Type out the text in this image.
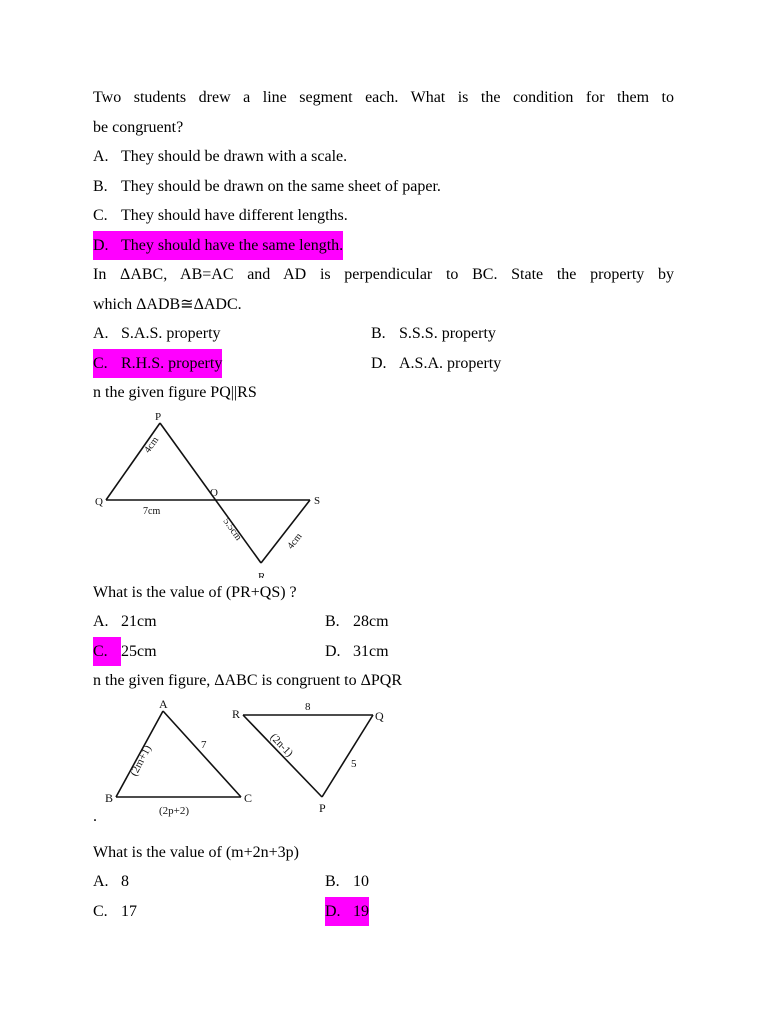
Two students drew a line segment each. What is the condition for them to
be congruent?
A. They should be drawn with a scale.
B. They should be drawn on the same sheet of paper.
C. They should have different lengths.
D. They should have the same length.
In ΔABC, AB=AC and AD is perpendicular to BC. State the property by
which ΔADB≅ΔADC.
A. S.A.S. property	B. S.S.S. property
C. R.H.S. property	D. A.S.A. property
n the given figure PQ||RS
P
Q
O
S
R
4cm
7cm
5.5cm	4cm
What is the value of (PR+QS) ?
A. 21cm	B. 28cm
C. 25cm	D. 31cm
n the given figure, ΔABC is congruent to ΔPQR
A
B	C
R	Q
P
(2m+1)	7
(2p+2)
8
(2n-1)
5
.
What is the value of (m+2n+3p)
A. 8	B. 10
C. 17	D. 19
